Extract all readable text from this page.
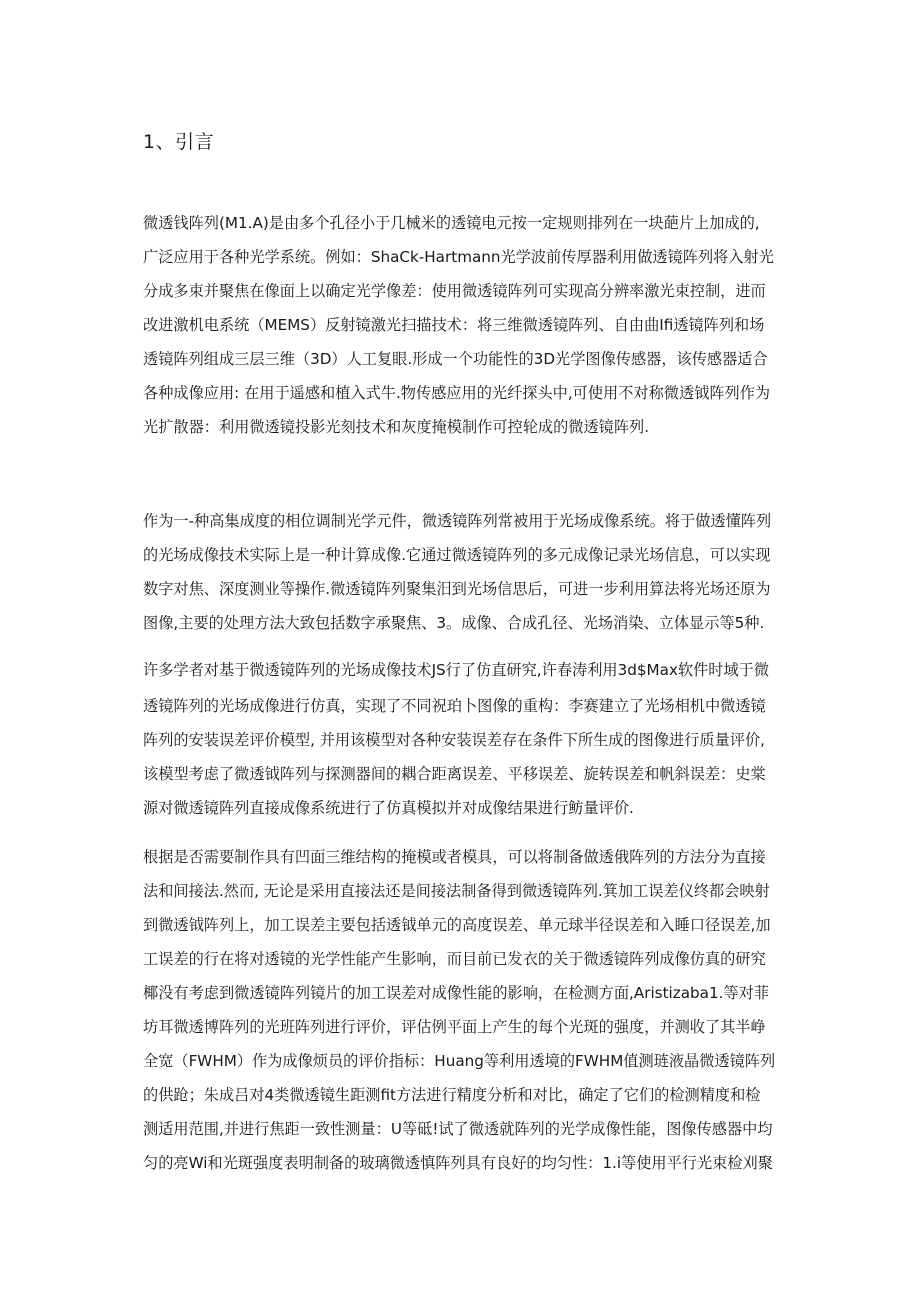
1、引言
微透钱阵列(M1.A)是由多个孔径小于几械米的透镜电元按一定规则排列在一块葩片上加成的,
广泛应用于各种光学系统。例如：ShaCk-Hartmann光学波前传厚器利用做透镜阵列将入射光
分成多束并聚焦在像面上以确定光学像差：使用微透镜阵列可实现高分辨率激光束控制，进而
改进激机电系统（MEMS）反射镜激光扫描技术：将三维微透镜阵列、自由曲Ifi透镜阵列和场
透镜阵列组成三层三维（3D）人工复眼.形成一个功能性的3D光学图像传感器，该传感器适合
各种成像应用: 在用于遥感和植入式牛.物传感应用的光纤探头中,可使用不对称微透钺阵列作为
光扩散器：利用微透镜投影光刻技术和灰度掩模制作可控轮成的微透镜阵列.
作为一-种高集成度的相位调制光学元件，微透镜阵列常被用于光场成像系统。将于做透懂阵列
的光场成像技术实际上是一种计算成像.它通过微透镜阵列的多元成像记录光场信息，可以实现
数字对焦、深度测业等操作.微透镜阵列聚集汨到光场信思后，可进一步利用算法将光场还原为
图像,主要的处理方法大致包括数字承聚焦、3。成像、合成孔径、光场消染、立体显示等5种.
许多学者对基于微透镜阵列的光场成像技术JS行了仿直研究,许春涛利用3d$Max软件时域于微
透镜阵列的光场成像进行仿真，实现了不同祝珀卜图像的重构：李赛建立了光场相机中微透镜
阵列的安装误差评价模型, 并用该模型对各种安装误差存在条件下所生成的图像进行质量评价,
该模型考虑了微透钺阵列与探测器间的耦合距离误差、平移误差、旋转误差和帆斜误差：史棠
源对微透镜阵列直接成像系统进行了仿真模拟并对成像结果进行鲂量评价.
根据是否需要制作具有凹面三维结构的掩模或者模具，可以将制备做透俄阵列的方法分为直接
法和间接法.然而, 无论是采用直接法还是间接法制备得到微透镜阵列.箕加工误差仪终都会映射
到微透钺阵列上，加工误差主要包括透钺单元的高度误差、单元球半径误差和入睡口径误差,加
工误差的行在将对透镜的光学性能产生影响，而目前已发衣的关于微透镜阵列成像仿真的研究
椰没有考虑到微透镜阵列镜片的加工误差对成像性能的影响，在检测方面,Aristizaba1.等对菲
坊耳微透博阵列的光班阵列进行评价，评估例平面上产生的每个光斑的强度，并测收了其半峥
全宽（FWHM）作为成像烦员的评价指标：Huang等利用透境的FWHM值测琏液晶微透镜阵列
的供跄；朱成吕对4类微透镜生距测fit方法进行精度分析和对比，确定了它们的检测精度和检
测适用范围,并进行焦距一致性测量：U等砥!试了微透就阵列的光学成像性能，图像传感器中均
匀的亮Wi和光斑强度表明制备的玻璃微透慎阵列具有良好的均匀性：1.i等使用平行光束检刈聚
